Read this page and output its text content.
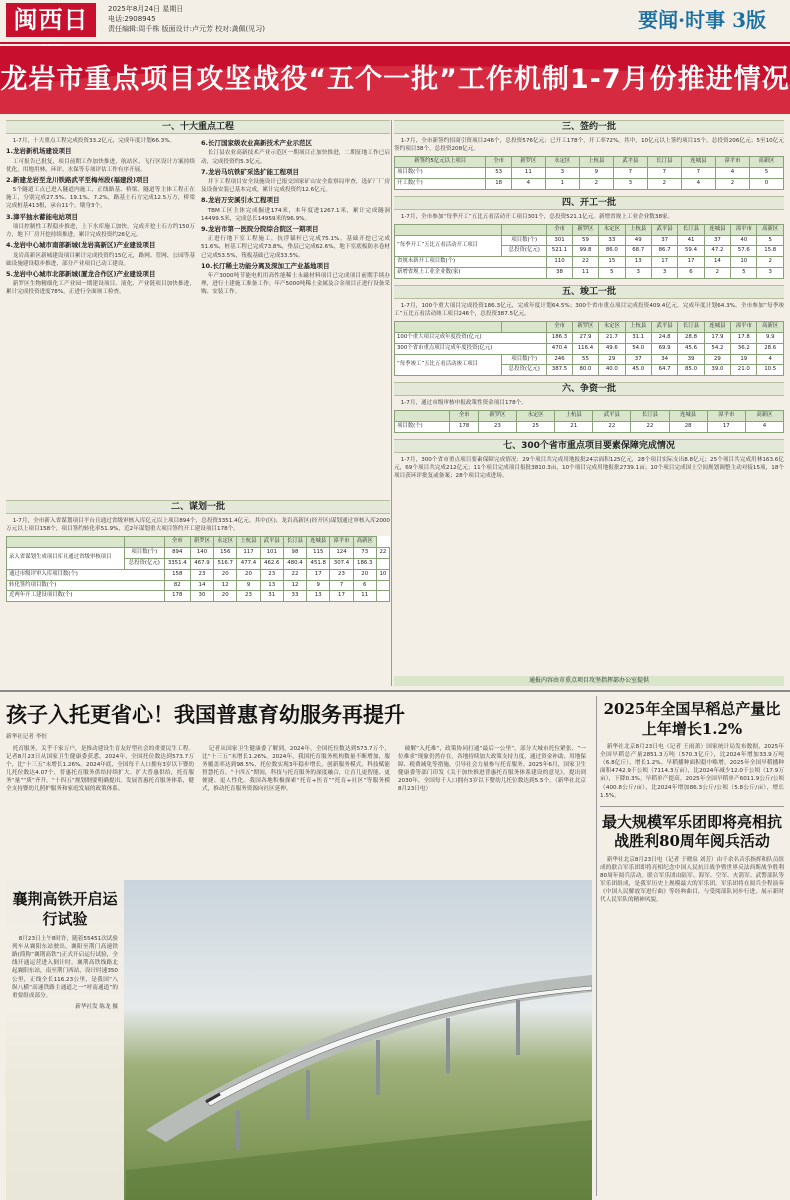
闽西日	2025年8月24日 星期日
电话:2908945
责任编辑:周千株 版面设计:卢元芳 校对:龚佩(见习)	要闻·时事 3版
龙岩市重点项目攻坚战役“五个一批”工作机制1-7月份推进情况
一、十大重点工程
1-7月，十大重点工程完成投资33.2亿元，完成年度计划66.3%。
1.龙岩新机场建设项目
工可报告已批复，项目前期工作加快推进，航站区、飞行区设计方案持续优化，用地用林、环评、水保等专项评估工作有序开展。
2.新建龙岩至龙川铁路武平至梅州段(福建段)项目
5个隧道工点已进入隧道内施工，正线路基、桥梁、隧道等主体工程正在施工，分别完成27.5%、19.1%、7.2%，路基土石方完成12.5万方，桥梁完成桩基413根，承台11个，墩身3个。
3.漳平抽水蓄能电站项目
项目控制性工程稳步推进，上下水库施工加快，完成开挖土石方约150万方，地下厂房开挖持续推进，累计完成投资约26亿元。
4.龙岩中心城市南部新城(龙岩高新区)产业建设项目
龙岩高新区新城建设项目累计完成投资约15亿元，路网、管网、公园等基础设施建设稳步推进，部分产业项目已动工建设。
5.龙岩中心城市北部新城(厦龙合作区)产业建设项目
新罗区生物精细化工产业园一期建设项目、液化、产业链项目加快推进，累计完成投资进度78%，正进行全面竣工检查。
6.长汀国家级农业高新技术产业示范区
长汀县农业高新技术产业示范区一期项目正加快推进，二期征地工作已启动，完成投资约5.3亿元。
7.龙岩马坑铁矿采选扩能工程项目
井下工程项目安全设施设计已报交国家矿山安全监察局审查，选矿厂厂房及设备安装已基本完成，累计完成投资约12.6亿元。
8.龙岩万安溪引水工程项目
TBM工区主体完成掘进174米，本年度进1267.1米，累计完成隧洞14499.5米，完成总长14959米的96.9%。
9.龙岩市第一医院分院综合院区一期项目
正进行地下室工程施工，抗浮锚杆已完成75.1%，基础开挖已完成51.6%，桩基工程已完成73.8%，垫层已完成62.6%，地下室底板防水卷材已完成53.5%，筏板基础已完成33.5%。
10.长汀稀土功能分离及深加工产业基地项目
年产3000吨节能电机用高性能稀土永磁材料项目已完成项目前期手续办理，进行土建施工准备工作；年产5000吨稀土金属及合金项目正进行设备采购、安装工作。
二、谋划一批
1-7月，全市新入省谋划项目平台且通过省级审核入库亿元以上项目894个，总投资3351.4亿元。其中(区)、龙岩高新区(经开区)谋划通过审核入库2000万元以上项目158个，项目签约转化率51.9%，近2年谋划重大项目签约开工建设项目178个。
		全市	新罗区	永定区	上杭县	武平县	长汀县	连城县	漳平市	高新区	
录入省谋划生成项目库且通过省级审核项目	项目数(个)	894	140	156	117	101	98	115	124	73	22
	总投资(亿元)	3351.4	467.9	516.7	477.4	462.6	480.4	451.8	307.4	186.3	
通过市级评审入库项目数(个)		158	23	20	20	23	22	17	23	20	10
转化签约项目数(个)		82	14	12	9	13	12	9	7	6	
近两年开工建设项目数(个)		178	30	20	23	31	33	13	17	11	
三、签约一批
1-7月，全市新签约招商引资项目246个，总投资576亿元；已开工178个，开工率72%。其中，10亿元以上签约项目15个，总投资206亿元；5至10亿元签约项目38个，总投资208亿元。
新签约5亿元以上项目	全市	新罗区	永定区	上杭县	武平县	长汀县	连城县	漳平市	高新区
项目数(个)	53	11	3	9	7	7	7	4	5
开工数(个)	18	4	1	2	3	2	4	2	0
四、开工一批
1-7月，全市参加“每季开工”五比五看活动开工项目301个，总投资521.1亿元。新增省规上工业企业数38家。
		全市	新罗区	永定区	上杭县	武平县	长汀县	连城县	漳平市	高新区
“每季开工”五比五看活动开工项目	项目数(个)	301	59	33	49	37	41	37	40	5
	总投资(亿元)	521.1	99.8	86.0	68.7	86.7	59.4	47.2	57.6	15.8
省规未新开工项目数(个)		110	22	15	13	17	17	14	10	2
新增省规上工业企业数(家)		38	11	5	3	3	6	2	5	3
五、竣工一批
1-7月，100个重大项目完成投资186.3亿元，完成年度计划64.5%；300个省市重点项目完成投资409.4亿元，完成年度计划64.3%。全市参加“每季竣工”五比五看活动竣工项目246个，总投资387.5亿元。
		全市	新罗区	永定区	上杭县	武平县	长汀县	连城县	漳平市	高新区
100个重大项目完成年度投资(亿元)		186.3	27.9	21.7	31.1	24.8	28.8	17.9	17.8	9.9
300个省市重点项目完成年度投资(亿元)		470.4	116.4	49.6	54.0	69.9	45.6	54.2	36.2	28.6
“每季竣工”五比五看活动竣工项目	项目数(个)	246	55	29	37	34	39	29	19	4
	总投资(亿元)	387.5	80.0	40.0	45.0	64.7	85.0	39.0	21.0	10.5
六、争资一批
1-7月，通过市级审核申报政策性资金项目178个。
	全市	新罗区	永定区	上杭县	武平县	长汀县	连城县	漳平市	高新区
项目数(个)	178	23	25	21	22	22	28	17	4
七、300个省市重点项目要素保障完成情况
1-7月，300个省市重点项目要素保障完成情况：29个项目共完成用地报批24宗面积125亿元，28个项目实际支出8.8亿元；25个项目共完成用林163.6亿元，69个项目共完成212亿元；11个项目完成项目报批3810.3亩，10个项目完成用地报批2739.1亩；10个项目完成国土空间规划调整主动对接15项，18个项目获环评批复或备案；28个项目完成进场。
通报内容由市重点项目攻坚指挥部办公室提供
孩子入托更省心！我国普惠育幼服务再提升
新华社记者 李恒
托育服务，关乎千家万户，是推动建设生育友好型社会的重要民生工程。记者8月23日从国家卫生健康委获悉，2024年，全国托位数达到573.7万个，比“十三五”末增长1.26%。2024年底，全国每千人口拥有3岁以下婴幼儿托位数达4.07个，普惠托育服务供给持续扩大。扩大普惠供给，托育服务“量”“质”齐升。“十四五”规划纲要明确提出，发展普惠托育服务体系，健全支持婴幼儿照护服务和家庭发展的政策体系。
记者从国家卫生健康委了解到，2024年，全国托位数达到573.7万个，比“十三五”末增长1.26%。2024年，我国托育服务机构数量不断增加，服务覆盖率达到98.5%，托位数实现3年稳步增长。创新服务模式，科技赋能智慧托育。“十四五”期间，科技与托育服务的深度融合，让育儿更智能、更便捷、更人性化。我国各地积极探索“托育+医育”“托育+社区”等服务模式，推动托育服务资源向社区延伸。
破解“入托难”，政策协同打通“最后一公里”。部分大城市托位紧张、“一位难求”现象仍然存在，各地持续加大政策支持力度，通过资金补助、用地保障、税费减免等措施，引导社会力量参与托育服务。2025年6月，国家卫生健康委等部门印发《关于加快推进普惠托育服务体系建设的意见》，提出到2030年，全国每千人口拥有3岁以下婴幼儿托位数达到5.5个。（新华社北京8月23日电）
襄荆高铁开启运行试验
8月23日上午8时许，随着55451次试验列车从襄阳东站驶出，襄阳至荆门高速铁路(简称“襄荆高铁”)正式开启运行试验，全线开通运营进入倒计时。襄荆高铁线路北起襄阳东站，南至荆门西站，设计时速350公里，正线全长116.23公里，是我国“八纵八横”高速铁路主通道之一“呼南通道”的重要组成部分。
新华社发 陈龙 摄
2025年全国早稻总产量比上年增长1.2%
新华社北京8月23日电（记者 王雨萧）国家统计局发布数据，2025年全国早稻总产量2851.3万吨（570.3亿斤），比2024年增加33.9万吨（6.8亿斤），增长1.2%。早稻播种面积稳中略增。2025年全国早稻播种面积4742.9千公顷（7114.3万亩），比2024年减少12.0千公顷（17.9万亩），下降0.3%。早稻单产提高。2025年全国早稻单产6011.9公斤/公顷（400.8公斤/亩），比2024年增加86.3公斤/公顷（5.8公斤/亩），增长1.5%。
最大规模军乐团即将亮相抗战胜利80周年阅兵活动
新华社北京8月23日电（记者 于晓泉 刘芳）由千余名音乐指挥和队员组成的联合军乐团即将亮相纪念中国人民抗日战争暨世界反法西斯战争胜利80周年阅兵活动。联合军乐团由陆军、海军、空军、火箭军、武警部队等军乐团组成，是我军历史上规模最大的军乐团。军乐团将在阅兵全程演奏《中国人民解放军进行曲》等经典曲目，与受阅部队同步行进，展示新时代人民军队的精神风貌。
